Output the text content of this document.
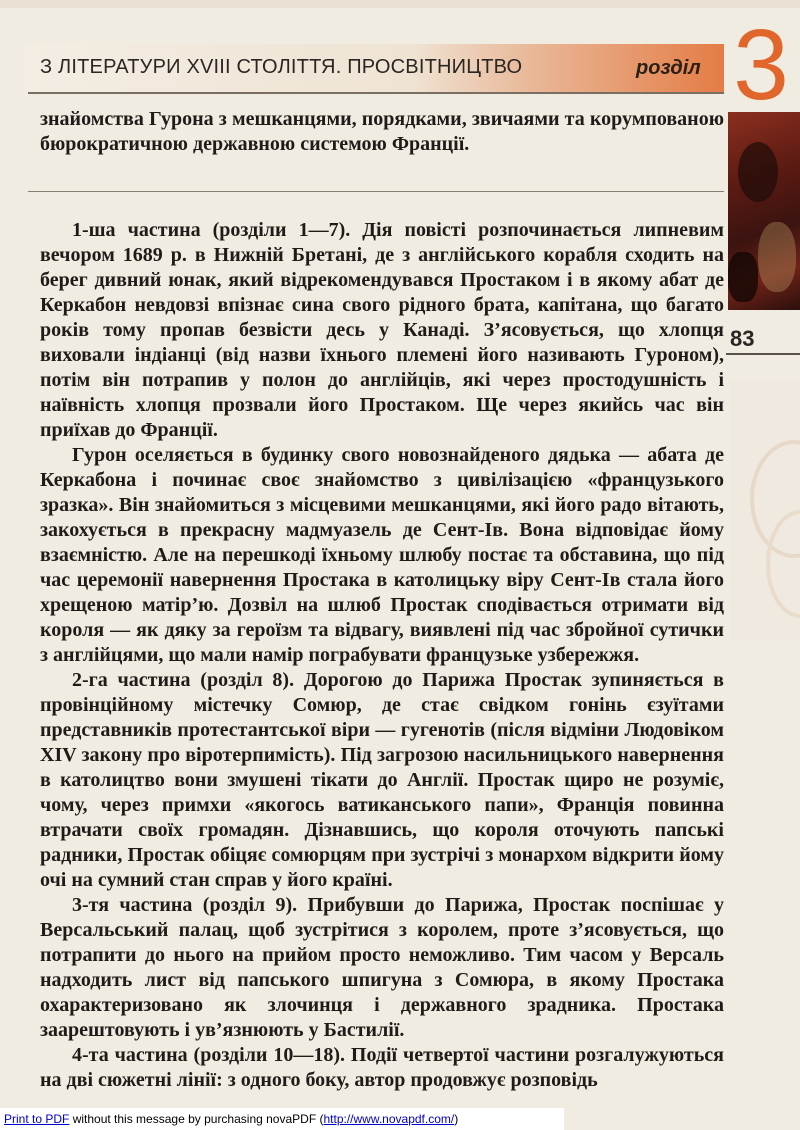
З ЛІТЕРАТУРИ XVIII СТОЛІТТЯ. ПРОСВІТНИЦТВО	розділ 3
83
знайомства Гурона з мешканцями, порядками, звичаями та корумпованою бюрократичною державною системою Франції.

1-ша частина (розділи 1—7). Дія повісті розпочинається липневим вечором 1689 р. в Нижній Бретані, де з англійського корабля сходить на берег дивний юнак, який відрекомендувався Простаком і в якому абат де Керкабон невдовзі впізнає сина свого рідного брата, капітана, що багато років тому пропав безвісти десь у Канаді. З’ясовується, що хлопця виховали індіанці (від назви їхнього племені його називають Гуроном), потім він потрапив у полон до англійців, які через простодушність і наївність хлопця прозвали його Простаком. Ще через якийсь час він приїхав до Франції.

Гурон оселяється в будинку свого новознайденого дядька — абата де Керкабона і починає своє знайомство з цивілізацією «французького зразка». Він знайомиться з місцевими мешканцями, які його радо вітають, закохується в прекрасну мадмуазель де Сент-Ів. Вона відповідає йому взаємністю. Але на перешкоді їхньому шлюбу постає та обставина, що під час церемонії навернення Простака в католицьку віру Сент-Ів стала його хрещеною матір’ю. Дозвіл на шлюб Простак сподівається отримати від короля — як дяку за героїзм та відвагу, виявлені під час збройної сутички з англійцями, що мали намір пограбувати французьке узбережжя.

2-га частина (розділ 8). Дорогою до Парижа Простак зупиняється в провінційному містечку Сомюр, де стає свідком гонінь єзуїтами представників протестантської віри — гугенотів (після відміни Людовіком XIV закону про віротерпимість). Під загрозою насильницького навернення в католицтво вони змушені тікати до Англії. Простак щиро не розуміє, чому, через примхи «якогось ватиканського папи», Франція повинна втрачати своїх громадян. Дізнавшись, що короля оточують папські радники, Простак обіцяє сомюрцям при зустрічі з монархом відкрити йому очі на сумний стан справ у його країні.

3-тя частина (розділ 9). Прибувши до Парижа, Простак поспішає у Версальський палац, щоб зустрітися з королем, проте з’ясовується, що потрапити до нього на прийом просто неможливо. Тим часом у Версаль надходить лист від папського шпигуна з Сомюра, в якому Простака охарактеризовано як злочинця і державного зрадника. Простака заарештовують і ув’язнюють у Бастилії.

4-та частина (розділи 10—18). Події четвертої частини розгалужуються на дві сюжетні лінії: з одного боку, автор продовжує розповідь

Print to PDF without this message by purchasing novaPDF (http://www.novapdf.com/)
